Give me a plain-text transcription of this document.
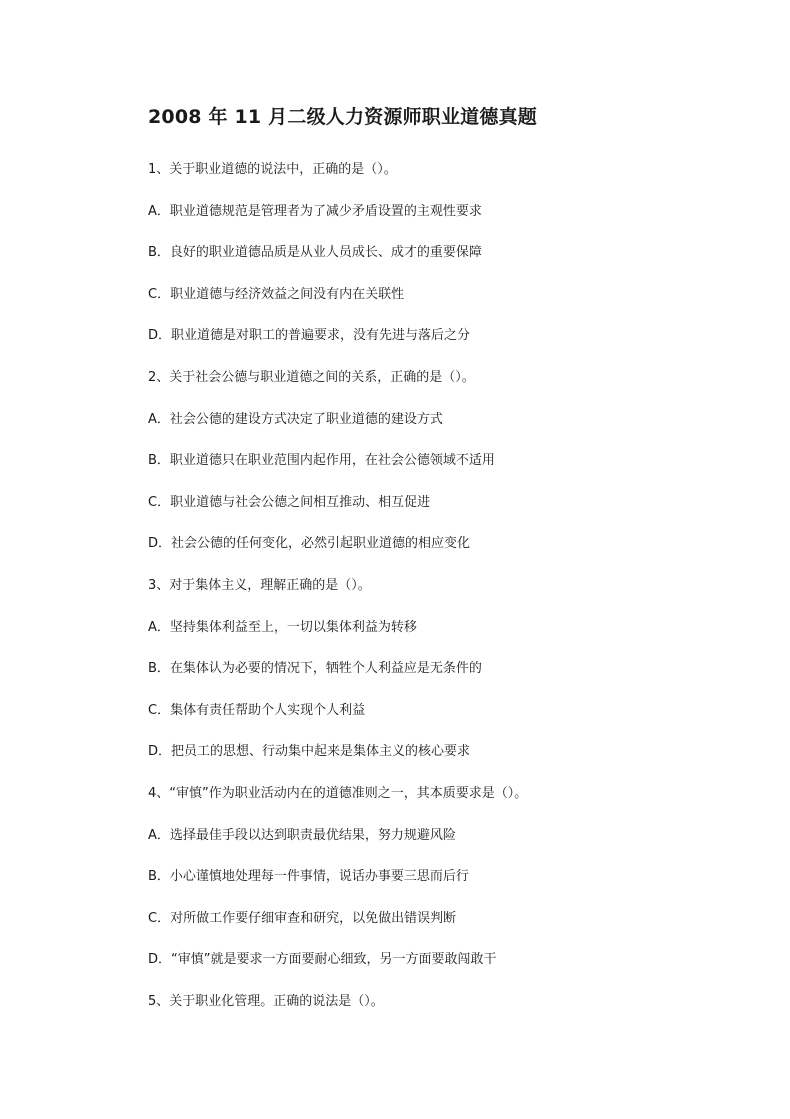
2008 年 11 月二级人力资源师职业道德真题
1、关于职业道德的说法中，正确的是（）。
A．职业道德规范是管理者为了减少矛盾设置的主观性要求
B．良好的职业道德品质是从业人员成长、成才的重要保障
C．职业道德与经济效益之间没有内在关联性
D．职业道德是对职工的普遍要求，没有先进与落后之分
2、关于社会公德与职业道德之间的关系，正确的是（）。
A．社会公德的建设方式决定了职业道德的建设方式
B．职业道德只在职业范围内起作用，在社会公德领域不适用
C．职业道德与社会公德之间相互推动、相互促进
D．社会公德的任何变化，必然引起职业道德的相应变化
3、对于集体主义，理解正确的是（）。
A．坚持集体利益至上，一切以集体利益为转移
B．在集体认为必要的情况下，牺牲个人利益应是无条件的
C．集体有责任帮助个人实现个人利益
D．把员工的思想、行动集中起来是集体主义的核心要求
4、“审慎”作为职业活动内在的道德准则之一，其本质要求是（）。
A．选择最佳手段以达到职责最优结果，努力规避风险
B．小心谨慎地处理每一件事情，说话办事要三思而后行
C．对所做工作要仔细审查和研究，以免做出错误判断
D．“审慎”就是要求一方面要耐心细致，另一方面要敢闯敢干
5、关于职业化管理。正确的说法是（）。
